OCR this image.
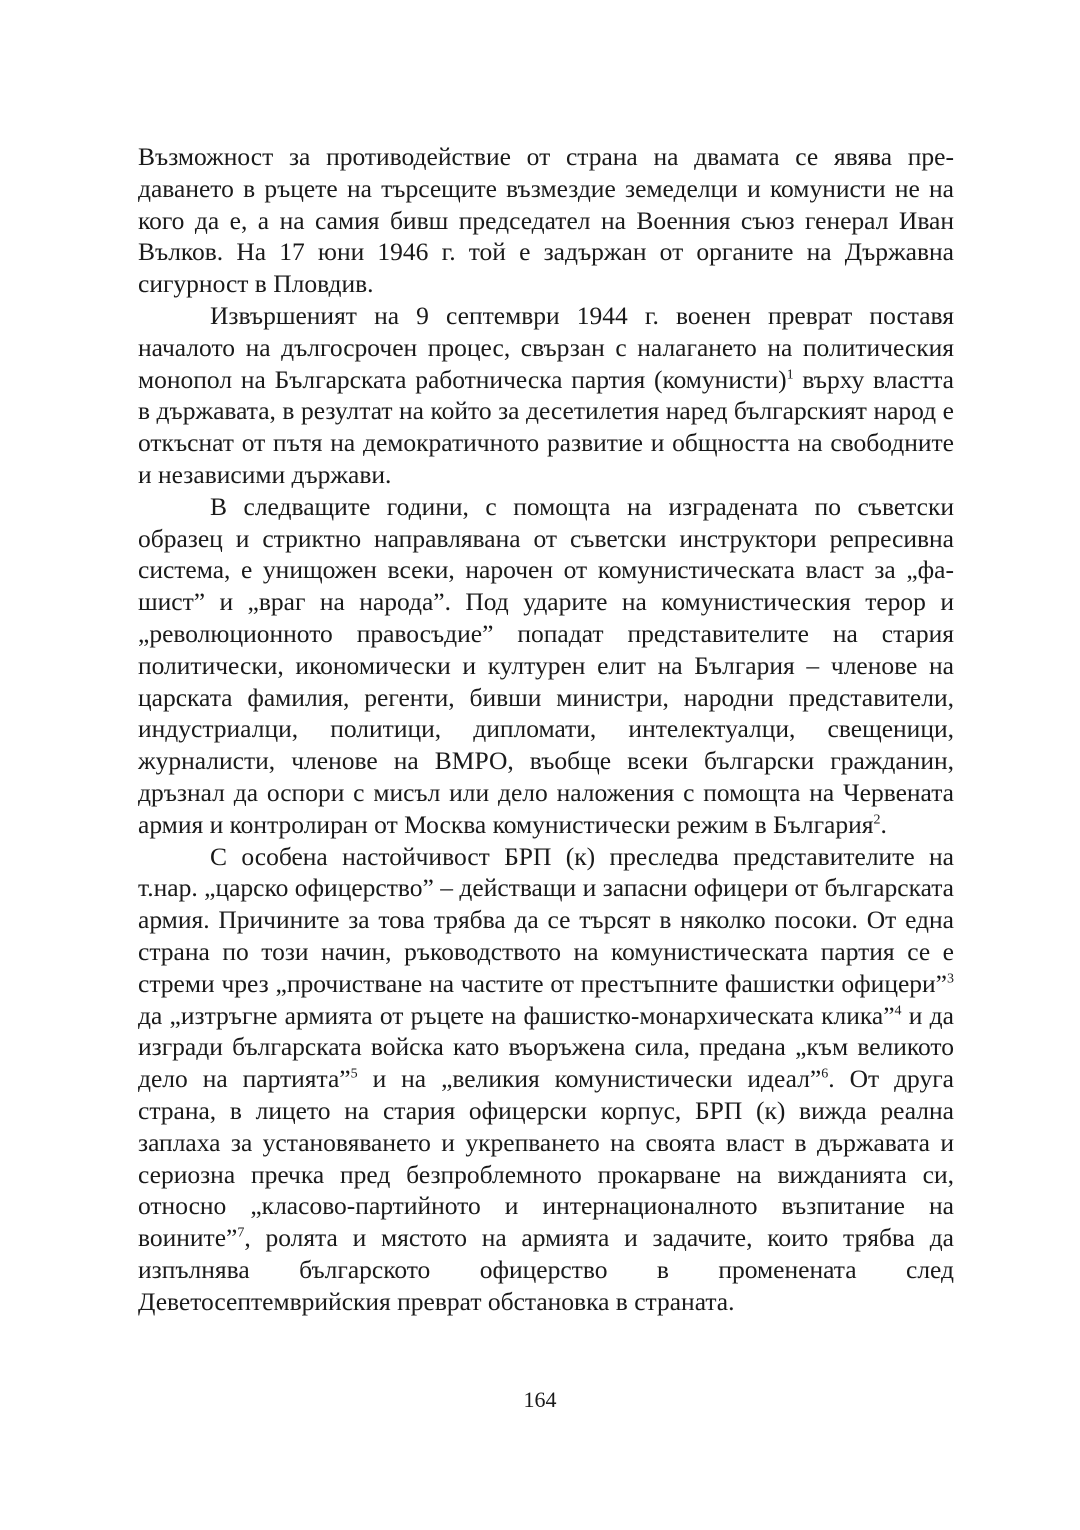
Възможност за противодействие от страна на двамата се явява предаването в ръцете на търсещите възмездие земеделци и комунисти не на кого да е, а на самия бивш председател на Военния съюз генерал Иван Вълков. На 17 юни 1946 г. той е задържан от органите на Държавна сигурност в Пловдив.

Извършеният на 9 септември 1944 г. военен преврат поставя началото на дългосрочен процес, свързан с налагането на политическия монопол на Българската работническа партия (комунисти)$^1$ върху властта в държавата, в резултат на който за десетилетия наред българският народ е откъснат от пътя на демократичното развитие и общността на свободните и независими държави.

В следващите години, с помощта на изградената по съветски образец и стриктно направлявана от съветски инструктори репресивна система, е унищожен всеки, нарочен от комунистическата власт за „фашист” и „враг на народа”. Под ударите на комунистическия терор и „революционното правосъдие” попадат представителите на стария политически, икономически и културен елит на България – членове на царската фамилия, регенти, бивши министри, народни представители, индустриалци, политици, дипломати, интелектуалци, свещеници, журналисти, членове на ВМРО, въобще всеки български гражданин, дръзнал да оспори с мисъл или дело наложения с помощта на Червената армия и контролиран от Москва комунистически режим в България$^2$.

С особена настойчивост БРП (к) преследва представителите на т.нар. „царско офицерство” – действащи и запасни офицери от българската армия. Причините за това трябва да се търсят в няколко посоки. От една страна по този начин, ръководството на комунистическата партия се е стреми чрез „прочистване на частите от престъпните фашистки офицери”$^3$ да „изтръгне армията от ръцете на фашистко-монархическата клика”$^4$ и да изгради българската войска като въоръжена сила, предана „към великото дело на партията”$^5$ и на „великия комунистически идеал”$^6$. От друга страна, в лицето на стария офицерски корпус, БРП (к) вижда реална заплаха за установяването и укрепването на своята власт в държавата и сериозна пречка пред безпроблемното прокарване на вижданията си, относно „класово-партийното и интернационалното възпитание на воините”$^7$, ролята и мястото на армията и задачите, които трябва да изпълнява българското офицерство в променената след Деветосептемврийския преврат обстановка в страната.

164
